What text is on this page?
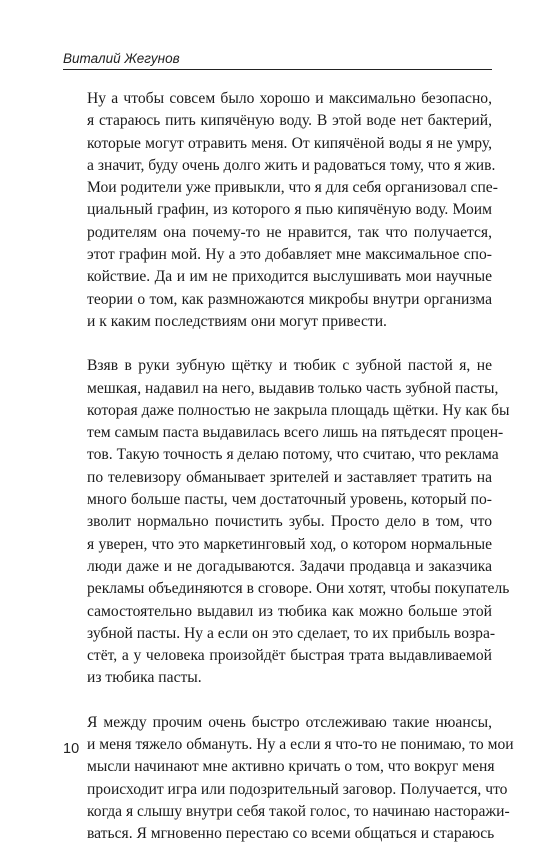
Виталий Жегунов

Ну а чтобы совсем было хорошо и максимально безопасно,
я стараюсь пить кипячёную воду. В этой воде нет бактерий,
которые могут отравить меня. От кипячёной воды я не умру,
а значит, буду очень долго жить и радоваться тому, что я жив.
Мои родители уже привыкли, что я для себя организовал спе-
циальный графин, из которого я пью кипячёную воду. Моим
родителям она почему-то не нравится, так что получается,
этот графин мой. Ну а это добавляет мне максимальное спо-
койствие. Да и им не приходится выслушивать мои научные
теории о том, как размножаются микробы внутри организма
и к каким последствиям они могут привести.

Взяв в руки зубную щётку и тюбик с зубной пастой я, не
мешкая, надавил на него, выдавив только часть зубной пасты,
которая даже полностью не закрыла площадь щётки. Ну как бы
тем самым паста выдавилась всего лишь на пятьдесят процен-
тов. Такую точность я делаю потому, что считаю, что реклама
по телевизору обманывает зрителей и заставляет тратить на
много больше пасты, чем достаточный уровень, который по-
зволит нормально почистить зубы. Просто дело в том, что
я уверен, что это маркетинговый ход, о котором нормальные
люди даже и не догадываются. Задачи продавца и заказчика
рекламы объединяются в сговоре. Они хотят, чтобы покупатель
самостоятельно выдавил из тюбика как можно больше этой
зубной пасты. Ну а если он это сделает, то их прибыль возра-
стёт, а у человека произойдёт быстрая трата выдавливаемой
из тюбика пасты.

Я между прочим очень быстро отслеживаю такие нюансы,
и меня тяжело обмануть. Ну а если я что-то не понимаю, то мои
мысли начинают мне активно кричать о том, что вокруг меня
происходит игра или подозрительный заговор. Получается, что
когда я слышу внутри себя такой голос, то начинаю насторажи-
ваться. Я мгновенно перестаю со всеми общаться и стараюсь

10
